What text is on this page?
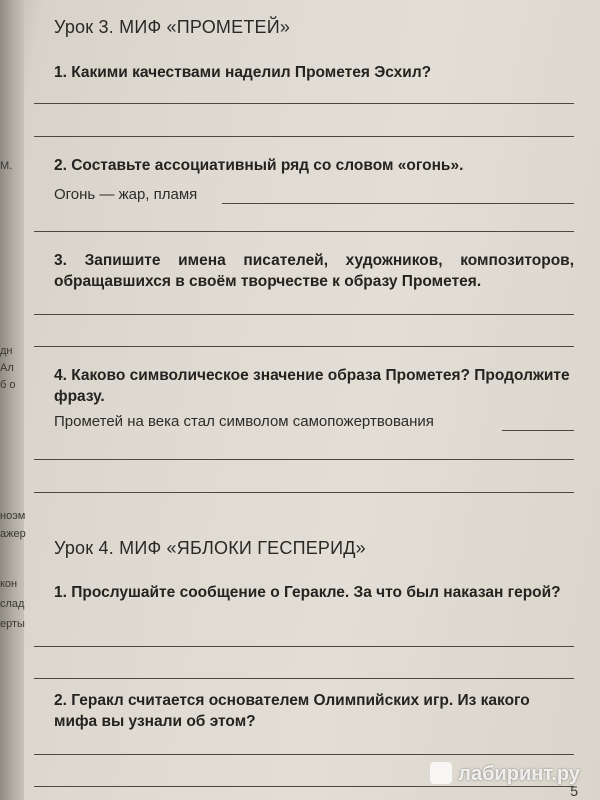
М.
дн
Ал
б о
ноэм
ажер
кон
слад
ерты
Урок 3. МИФ «ПРОМЕТЕЙ»
1. Какими качествами наделил Прометея Эсхил?
2. Составьте ассоциативный ряд со словом «огонь».
Огонь — жар, пламя
3. Запишите имена писателей, художников, композиторов, обращавшихся в своём творчестве к образу Прометея.
4. Каково символическое значение образа Прометея? Продолжите фразу.
Прометей на века стал символом самопожертвования
Урок 4. МИФ «ЯБЛОКИ ГЕСПЕРИД»
1. Прослушайте сообщение о Геракле. За что был наказан герой?
2. Геракл считается основателем Олимпийских игр. Из какого мифа вы узнали об этом?
лабиринт.ру
5
